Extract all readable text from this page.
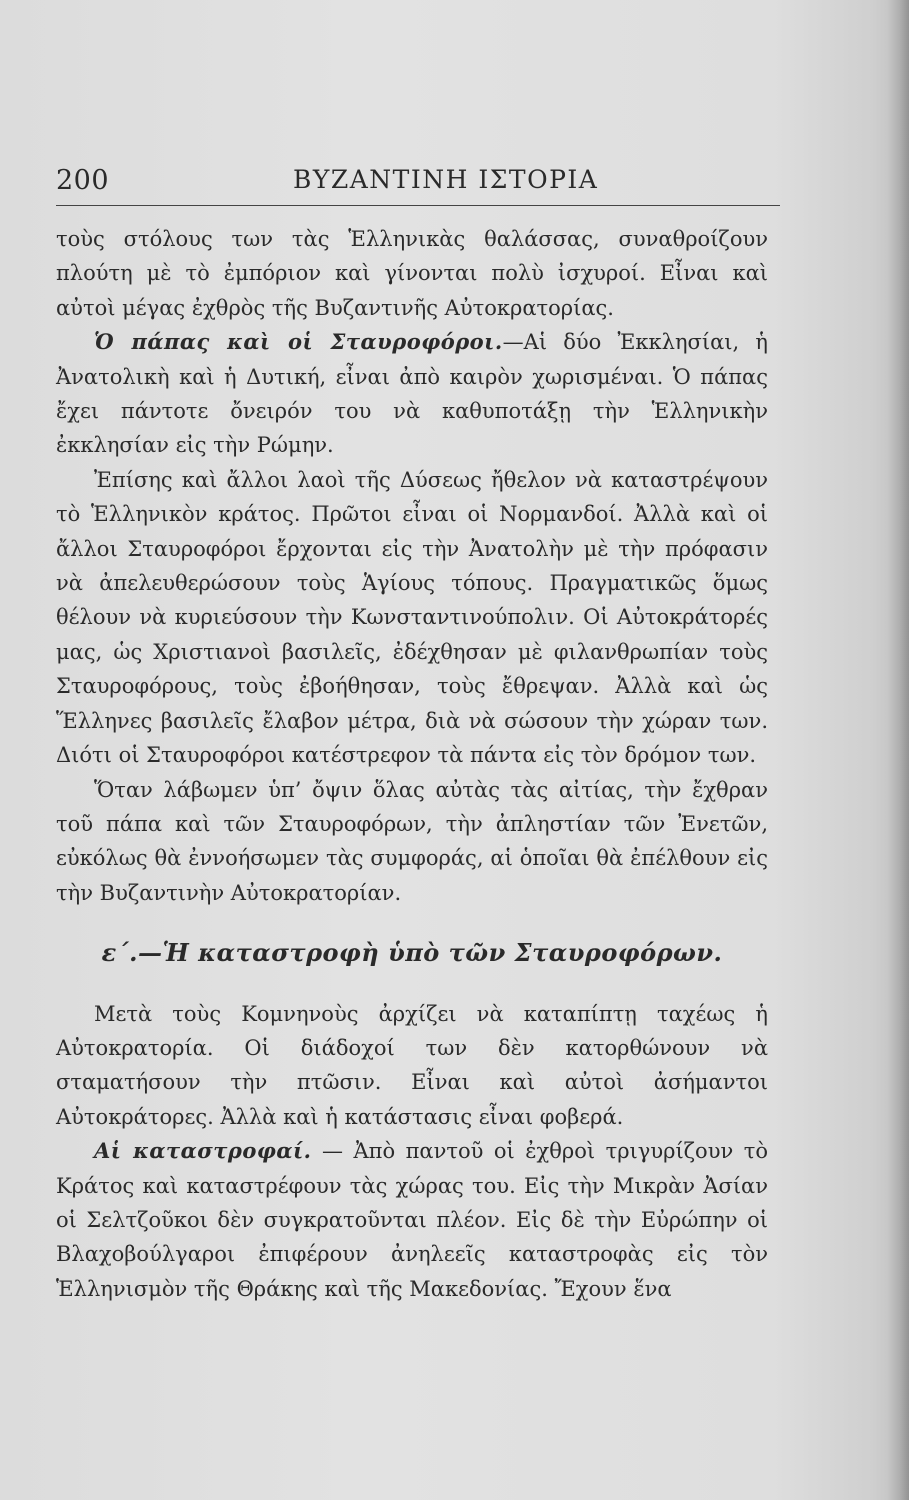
200	ΒΥΖΑΝΤΙΝΗ ΙΣΤΟΡΙΑ

τοὺς στόλους των τὰς Ἑλληνικὰς θαλάσσας, συναθροίζουν πλούτη μὲ τὸ ἐμπόριον καὶ γίνονται πολὺ ἰσχυροί. Εἶναι καὶ αὐτοὶ μέγας ἐχθρὸς τῆς Βυζαντινῆς Αὐτοκρατορίας.

Ὁ πάπας καὶ οἱ Σταυροφόροι.—Αἱ δύο Ἐκκλησίαι, ἡ Ἀνατολικὴ καὶ ἡ Δυτική, εἶναι ἀπὸ καιρὸν χωρισμέναι. Ὁ πάπας ἔχει πάντοτε ὄνειρόν του νὰ καθυποτάξῃ τὴν Ἑλληνικὴν ἐκκλησίαν εἰς τὴν Ρώμην.

Ἐπίσης καὶ ἄλλοι λαοὶ τῆς Δύσεως ἤθελον νὰ καταστρέψουν τὸ Ἑλληνικὸν κράτος. Πρῶτοι εἶναι οἱ Νορμανδοί. Ἀλλὰ καὶ οἱ ἄλλοι Σταυροφόροι ἔρχονται εἰς τὴν Ἀνατολὴν μὲ τὴν πρόφασιν νὰ ἀπελευθερώσουν τοὺς Ἁγίους τόπους. Πραγματικῶς ὅμως θέλουν νὰ κυριεύσουν τὴν Κωνσταντινούπολιν. Οἱ Αὐτοκράτορές μας, ὡς Χριστιανοὶ βασιλεῖς, ἐδέχθησαν μὲ φιλανθρωπίαν τοὺς Σταυροφόρους, τοὺς ἐβοήθησαν, τοὺς ἔθρεψαν. Ἀλλὰ καὶ ὡς Ἕλληνες βασιλεῖς ἔλαβον μέτρα, διὰ νὰ σώσουν τὴν χώραν των. Διότι οἱ Σταυροφόροι κατέστρεφον τὰ πάντα εἰς τὸν δρόμον των.

Ὅταν λάβωμεν ὑπ’ ὄψιν ὅλας αὐτὰς τὰς αἰτίας, τὴν ἔχθραν τοῦ πάπα καὶ τῶν Σταυροφόρων, τὴν ἀπληστίαν τῶν Ἐνετῶν, εὐκόλως θὰ ἐννοήσωμεν τὰς συμφοράς, αἱ ὁποῖαι θὰ ἐπέλθουν εἰς τὴν Βυζαντινὴν Αὐτοκρατορίαν.

ε΄.—Ἡ καταστροφὴ ὑπὸ τῶν Σταυροφόρων.

Μετὰ τοὺς Κομνηνοὺς ἀρχίζει νὰ καταπίπτῃ ταχέως ἡ Αὐτοκρατορία. Οἱ διάδοχοί των δὲν κατορθώνουν νὰ σταματήσουν τὴν πτῶσιν. Εἶναι καὶ αὐτοὶ ἀσήμαντοι Αὐτοκράτορες. Ἀλλὰ καὶ ἡ κατάστασις εἶναι φοβερά.

Αἱ καταστροφαί. — Ἀπὸ παντοῦ οἱ ἐχθροὶ τριγυρίζουν τὸ Κράτος καὶ καταστρέφουν τὰς χώρας του. Εἰς τὴν Μικρὰν Ἀσίαν οἱ Σελτζοῦκοι δὲν συγκρατοῦνται πλέον. Εἰς δὲ τὴν Εὐρώπην οἱ Βλαχοβούλγαροι ἐπιφέρουν ἀνηλεεῖς καταστροφὰς εἰς τὸν Ἑλληνισμὸν τῆς Θράκης καὶ τῆς Μακεδονίας. Ἔχουν ἕνα
